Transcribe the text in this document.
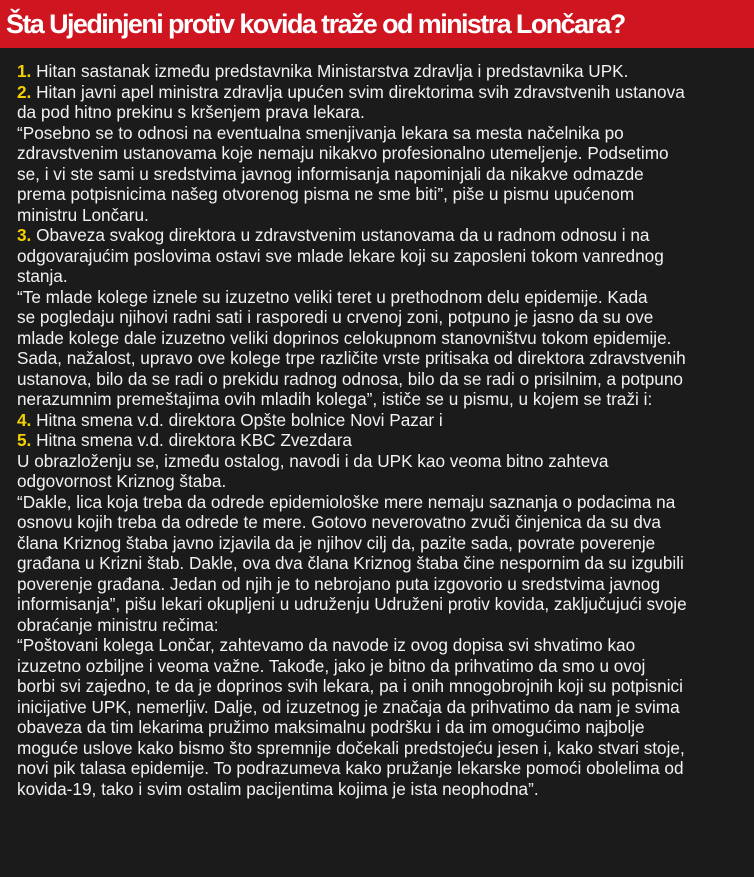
Šta Ujedinjeni protiv kovida traže od ministra Lončara?
1. Hitan sastanak između predstavnika Ministarstva zdravlja i predstavnika UPK.
2. Hitan javni apel ministra zdravlja upućen svim direktorima svih zdravstvenih ustanova
da pod hitno prekinu s kršenjem prava lekara.
“Posebno se to odnosi na eventualna smenjivanja lekara sa mesta načelnika po
zdravstvenim ustanovama koje nemaju nikakvo profesionalno utemeljenje. Podsetimo
se, i vi ste sami u sredstvima javnog informisanja napominjali da nikakve odmazde
prema potpisnicima našeg otvorenog pisma ne sme biti”, piše u pismu upućenom
ministru Lončaru.
3. Obaveza svakog direktora u zdravstvenim ustanovama da u radnom odnosu i na
odgovarajućim poslovima ostavi sve mlade lekare koji su zaposleni tokom vanrednog
stanja.
“Te mlade kolege iznele su izuzetno veliki teret u prethodnom delu epidemije. Kada
se pogledaju njihovi radni sati i rasporedi u crvenoj zoni, potpuno je jasno da su ove
mlade kolege dale izuzetno veliki doprinos celokupnom stanovništvu tokom epidemije.
Sada, nažalost, upravo ove kolege trpe različite vrste pritisaka od direktora zdravstvenih
ustanova, bilo da se radi o prekidu radnog odnosa, bilo da se radi o prisilnim, a potpuno
nerazumnim premeštajima ovih mladih kolega”, ističe se u pismu, u kojem se traži i:
4. Hitna smena v.d. direktora Opšte bolnice Novi Pazar i
5. Hitna smena v.d. direktora KBC Zvezdara
U obrazloženju se, između ostalog, navodi i da UPK kao veoma bitno zahteva
odgovornost Kriznog štaba.
“Dakle, lica koja treba da odrede epidemiološke mere nemaju saznanja o podacima na
osnovu kojih treba da odrede te mere. Gotovo neverovatno zvuči činjenica da su dva
člana Kriznog štaba javno izjavila da je njihov cilj da, pazite sada, povrate poverenje
građana u Krizni štab. Dakle, ova dva člana Kriznog štaba čine nespornim da su izgubili
poverenje građana. Jedan od njih je to nebrojano puta izgovorio u sredstvima javnog
informisanja”, pišu lekari okupljeni u udruženju Udruženi protiv kovida, zaključujući svoje
obraćanje ministru rečima:
“Poštovani kolega Lončar, zahtevamo da navode iz ovog dopisa svi shvatimo kao
izuzetno ozbiljne i veoma važne. Takođe, jako je bitno da prihvatimo da smo u ovoj
borbi svi zajedno, te da je doprinos svih lekara, pa i onih mnogobrojnih koji su potpisnici
inicijative UPK, nemerljiv. Dalje, od izuzetnog je značaja da prihvatimo da nam je svima
obaveza da tim lekarima pružimo maksimalnu podršku i da im omogućimo najbolje
moguće uslove kako bismo što spremnije dočekali predstojeću jesen i, kako stvari stoje,
novi pik talasa epidemije. To podrazumeva kako pružanje lekarske pomoći obolelima od
kovida-19, tako i svim ostalim pacijentima kojima je ista neophodna”.
